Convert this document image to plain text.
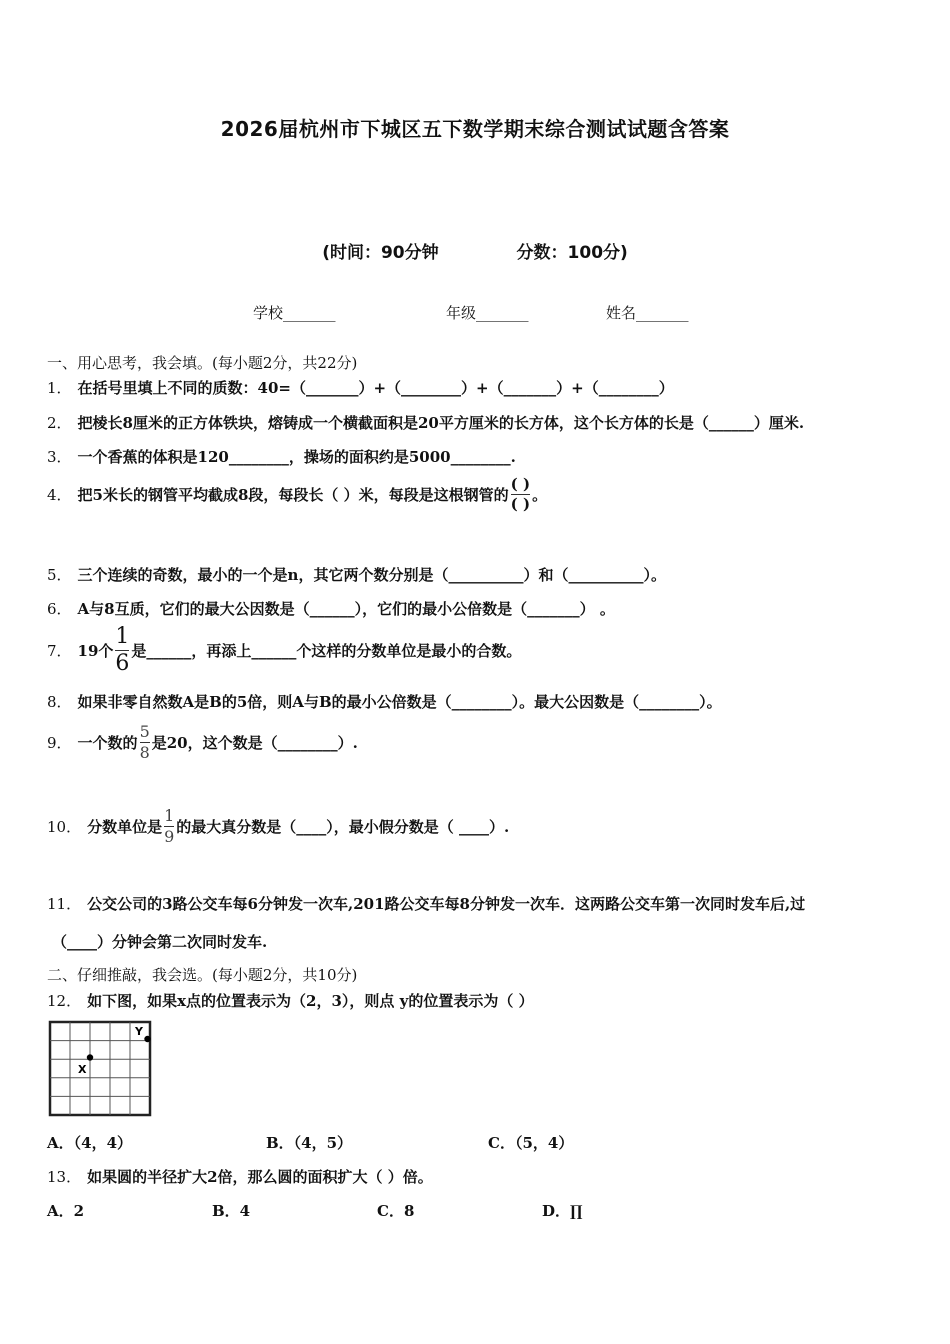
2026届杭州市下城区五下数学期末综合测试试题含答案
(时间：90分钟	分数：100分)
学校_______	年级_______	姓名_______
一、用心思考，我会填。(每小题2分，共22分)
1． 在括号里填上不同的质数：40=（_______）+（________）+（_______）+（________）
2． 把棱长8厘米的正方体铁块，熔铸成一个横截面积是20平方厘米的长方体，这个长方体的长是（______）厘米.
3． 一个香蕉的体积是120________，操场的面积约是5000________.
4． 把5米长的钢管平均截成8段，每段长（ ）米，每段是这根钢管的 $\frac{( )}{( )}$ 。
5． 三个连续的奇数，最小的一个是n，其它两个数分别是（__________）和（__________）。
6． A与8互质，它们的最大公因数是（______），它们的最小公倍数是（_______） 。
7． 19个 $\frac{1}{6}$ 是______，再添上______个这样的分数单位是最小的合数。
8． 如果非零自然数A是B的5倍，则A与B的最小公倍数是（________）。最大公因数是（________）。
9． 一个数的 $\frac{5}{8}$ 是20，这个数是（________）.
10． 分数单位是 $\frac{1}{9}$ 的最大真分数是（____），最小假分数是（ ____）.
11． 公交公司的3路公交车每6分钟发一次车,201路公交车每8分钟发一次车．这两路公交车第一次同时发车后,过
（____）分钟会第二次同时发车.
二、仔细推敲，我会选。(每小题2分，共10分)
12． 如下图，如果x点的位置表示为（2，3），则点 y的位置表示为（ ）
X
Y
A．（4，4）	B．（4，5）	C．（5，4）
13． 如果圆的半径扩大2倍，那么圆的面积扩大（ ）倍。
A．2	B．4	C．8	D．∏
